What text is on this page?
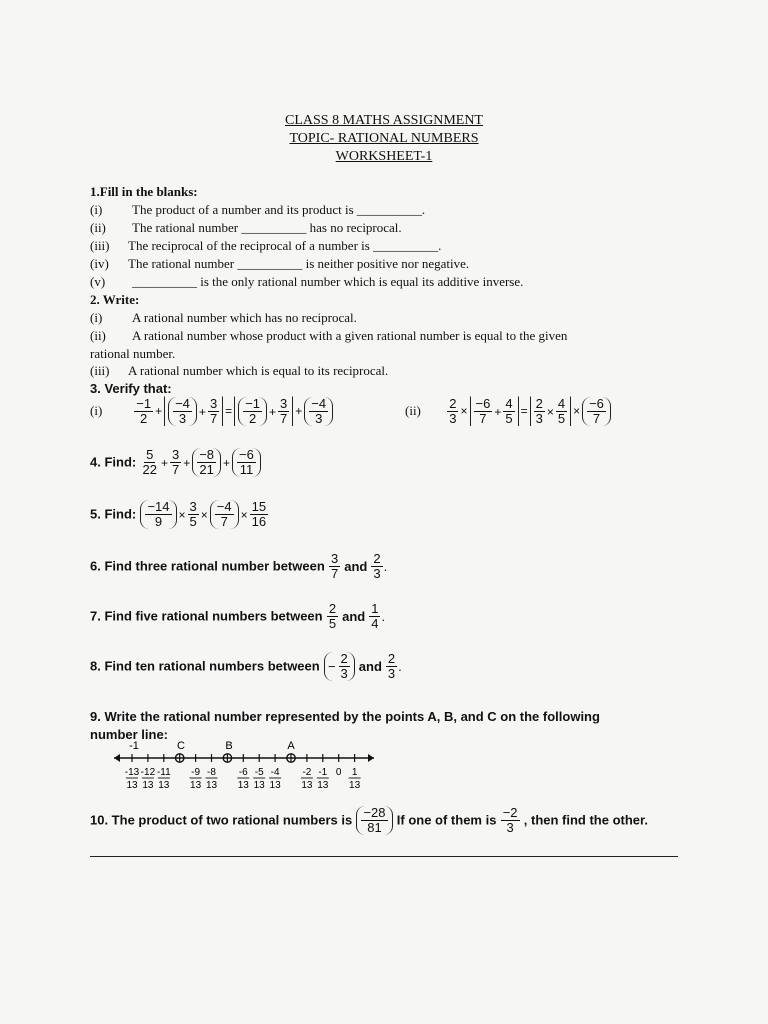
CLASS 8 MATHS ASSIGNMENT
TOPIC- RATIONAL NUMBERS
WORKSHEET-1
1.Fill in the blanks:
(i) The product of a number and its product is __________.
(ii) The rational number __________ has no reciprocal.
(iii) The reciprocal of the reciprocal of a number is __________.
(iv) The rational number __________ is neither positive nor negative.
(v) __________ is the only rational number which is equal its additive inverse.
2. Write:
(i) A rational number which has no reciprocal.
(ii) A rational number whose product with a given rational number is equal to the given
rational number.
(iii) A rational number which is equal to its reciprocal.
3. Verify that:
$(i) \frac{-1}{2} + \frac{-4}{3} + \frac{3}{7} = \frac{-1}{2} + \frac{3}{7} + \frac{-4}{3}$	$(ii) \frac{2}{3} \times \frac{-6}{7} + \frac{4}{5} = \frac{2}{3} \times \frac{4}{5} \times \frac{-6}{7}$
4. Find: $\frac{5}{22} + \frac{3}{7} + \frac{-8}{21} + \frac{-6}{11}$
5. Find: $\frac{-14}{9} \times \frac{3}{5} \times \frac{-4}{7} \times \frac{15}{16}$
6. Find three rational number between $\frac{3}{7}$ and $\frac{2}{3}$ .
7. Find five rational numbers between $\frac{2}{5}$ and $\frac{1}{4}$ .
8. Find ten rational numbers between − $\frac{2}{3}$ and $\frac{2}{3}$ .
9. Write the rational number represented by the points A, B, and C on the following
number line:
-1	C	B	A
-13
13
-12
13
-11
13
-9
13
-8
13
-6
13
-5
13
-4
13
-2
13
-1
13
0 1
13
10. The product of two rational numbers is $\frac{-28}{81}$ If one of them is $\frac{-2}{3}$ , then find the other.
